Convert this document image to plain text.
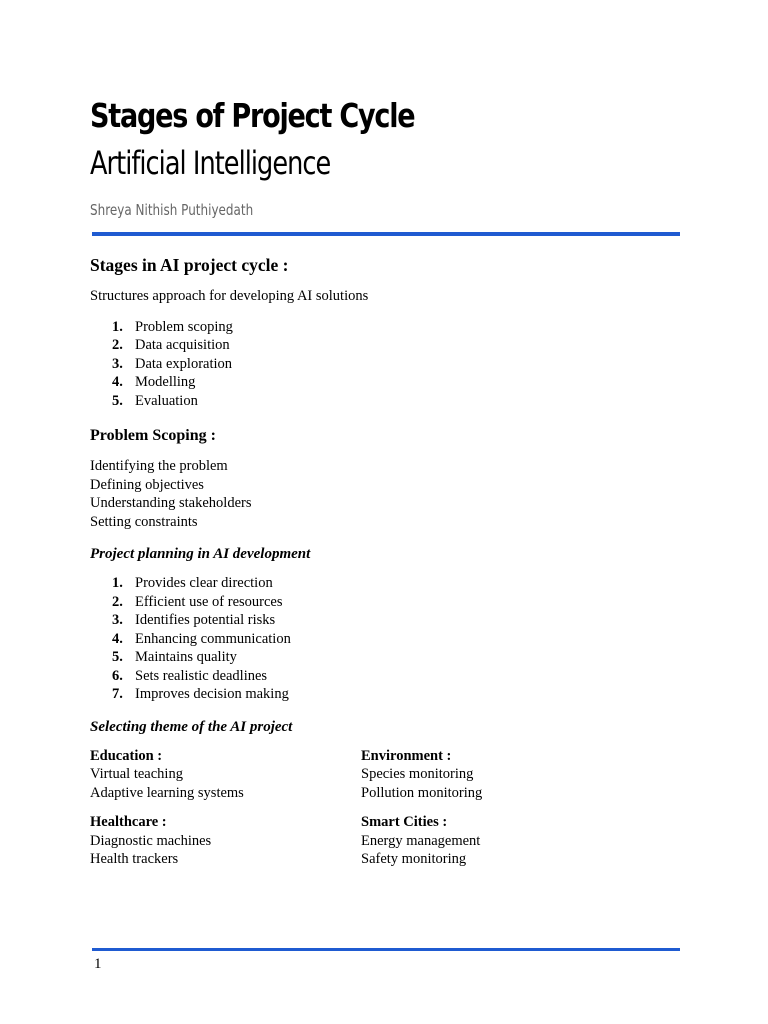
Stages of Project Cycle
Artificial Intelligence
Shreya Nithish Puthiyedath
Stages in AI project cycle :

Structures approach for developing AI solutions

1. Problem scoping
2. Data acquisition
3. Data exploration
4. Modelling
5. Evaluation
Problem Scoping :

Identifying the problem

Defining objectives

Understanding stakeholders

Setting constraints

Project planning in AI development
1. Provides clear direction
2. Efficient use of resources
3. Identifies potential risks
4. Enhancing communication
5. Maintains quality
6. Sets realistic deadlines
7. Improves decision making
Selecting theme of the AI project
Education :
Virtual teaching
Adaptive learning systems
Environment :
Species monitoring
Pollution monitoring
Healthcare :
Diagnostic machines
Health trackers
Smart Cities :
Energy management
Safety monitoring
1
